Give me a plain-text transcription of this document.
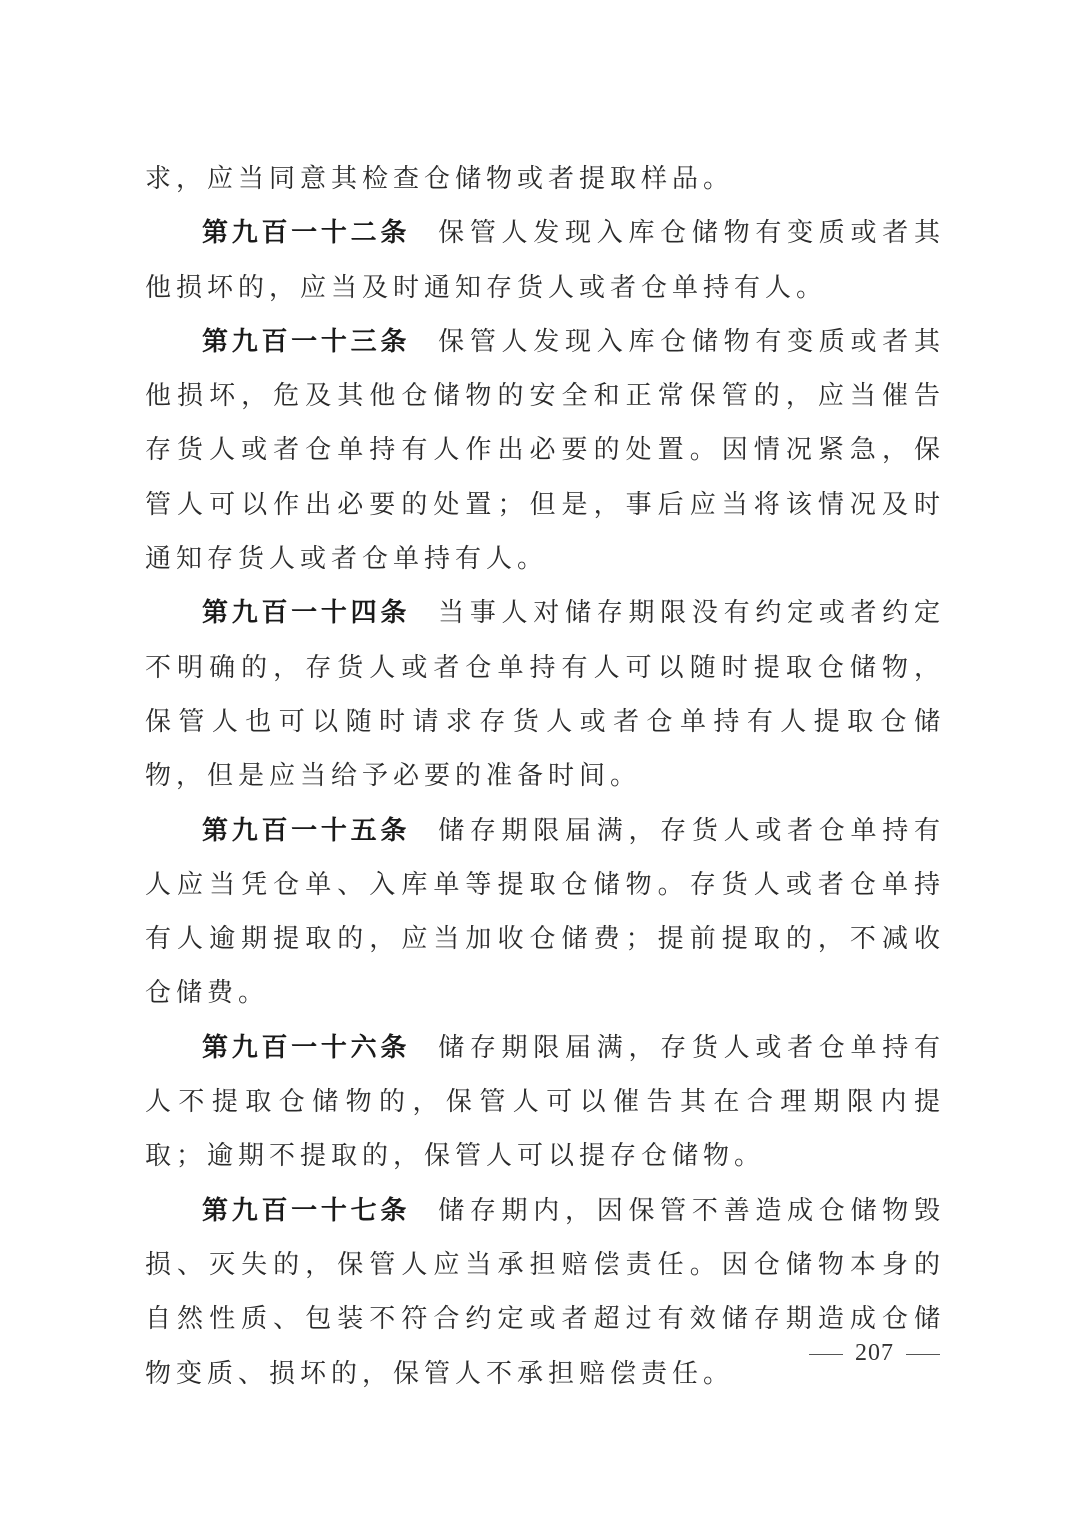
求，应当同意其检查仓储物或者提取样品。

第九百一十二条 保管人发现入库仓储物有变质或者其他损坏的，应当及时通知存货人或者仓单持有人。

第九百一十三条 保管人发现入库仓储物有变质或者其他损坏，危及其他仓储物的安全和正常保管的，应当催告存货人或者仓单持有人作出必要的处置。因情况紧急，保管人可以作出必要的处置；但是，事后应当将该情况及时通知存货人或者仓单持有人。

第九百一十四条 当事人对储存期限没有约定或者约定不明确的，存货人或者仓单持有人可以随时提取仓储物，保管人也可以随时请求存货人或者仓单持有人提取仓储物，但是应当给予必要的准备时间。

第九百一十五条 储存期限届满，存货人或者仓单持有人应当凭仓单、入库单等提取仓储物。存货人或者仓单持有人逾期提取的，应当加收仓储费；提前提取的，不减收仓储费。

第九百一十六条 储存期限届满，存货人或者仓单持有人不提取仓储物的，保管人可以催告其在合理期限内提取；逾期不提取的，保管人可以提存仓储物。

第九百一十七条 储存期内，因保管不善造成仓储物毁损、灭失的，保管人应当承担赔偿责任。因仓储物本身的自然性质、包装不符合约定或者超过有效储存期造成仓储物变质、损坏的，保管人不承担赔偿责任。

207
